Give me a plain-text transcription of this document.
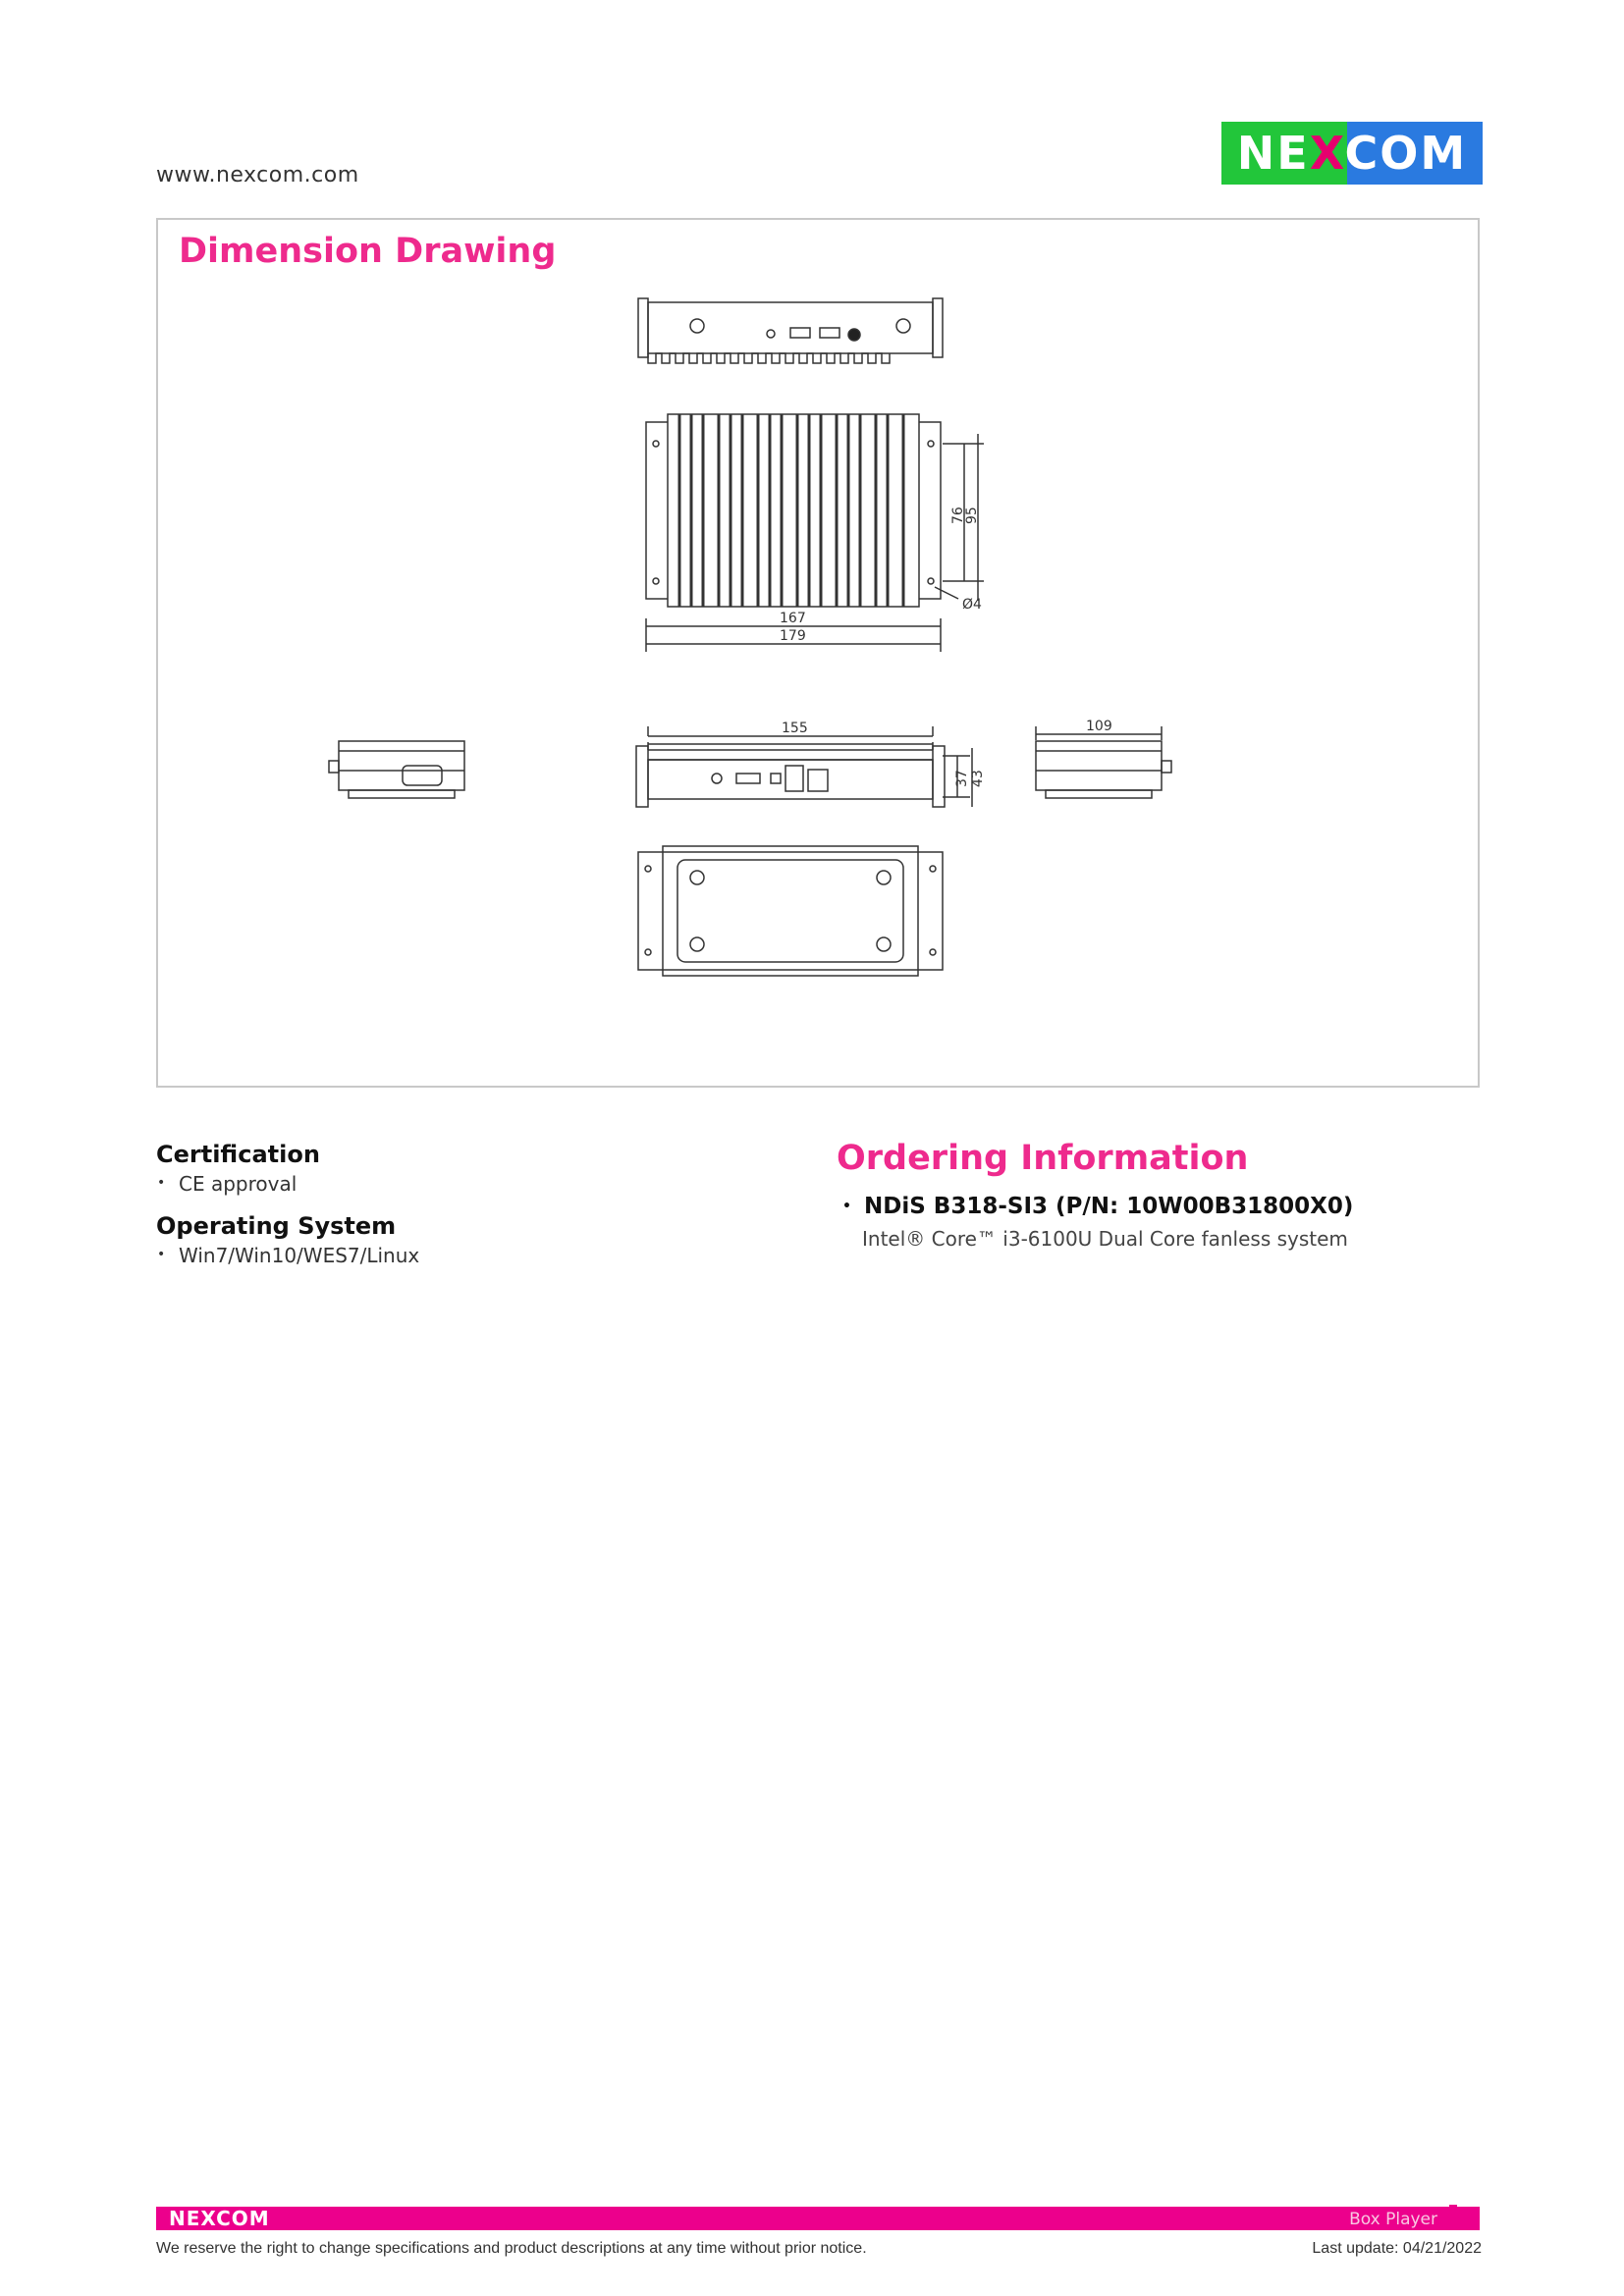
www.nexcom.com	NEXCOM
Dimension Drawing
167
179
76
95
Ø4
155
37 43
109
Certification
• CE approval
Operating System
• Win7/Win10/WES7/Linux
Ordering Information
• NDiS B318-SI3 (P/N: 10W00B31800X0)
Intel® Core™ i3-6100U Dual Core fanless system
NEXCOM	Box Player
We reserve the right to change specifications and product descriptions at any time without prior notice.	Last update: 04/21/2022
